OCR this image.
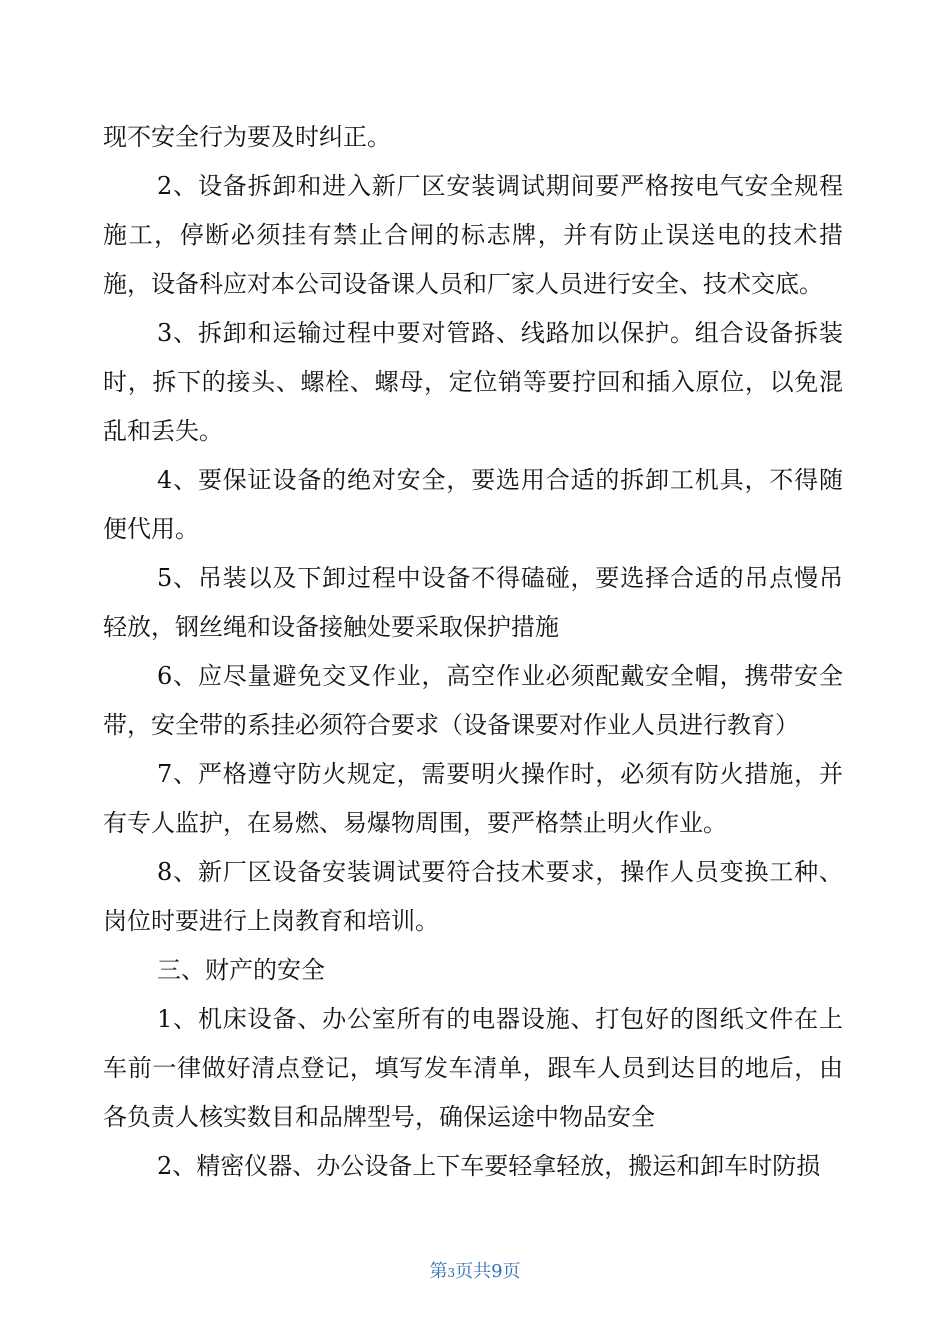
现不安全行为要及时纠正。

2、设备拆卸和进入新厂区安装调试期间要严格按电气安全规程施工，停断必须挂有禁止合闸的标志牌，并有防止误送电的技术措施，设备科应对本公司设备课人员和厂家人员进行安全、技术交底。

3、拆卸和运输过程中要对管路、线路加以保护。组合设备拆装时，拆下的接头、螺栓、螺母，定位销等要拧回和插入原位，以免混乱和丢失。

4、要保证设备的绝对安全，要选用合适的拆卸工机具，不得随便代用。

5、吊装以及下卸过程中设备不得磕碰，要选择合适的吊点慢吊轻放，钢丝绳和设备接触处要采取保护措施

6、应尽量避免交叉作业，高空作业必须配戴安全帽，携带安全带，安全带的系挂必须符合要求（设备课要对作业人员进行教育）

7、严格遵守防火规定，需要明火操作时，必须有防火措施，并有专人监护，在易燃、易爆物周围，要严格禁止明火作业。

8、新厂区设备安装调试要符合技术要求，操作人员变换工种、岗位时要进行上岗教育和培训。

三、财产的安全

1、机床设备、办公室所有的电器设施、打包好的图纸文件在上车前一律做好清点登记，填写发车清单，跟车人员到达目的地后，由各负责人核实数目和品牌型号，确保运途中物品安全

2、精密仪器、办公设备上下车要轻拿轻放，搬运和卸车时防损

第3页共9页
